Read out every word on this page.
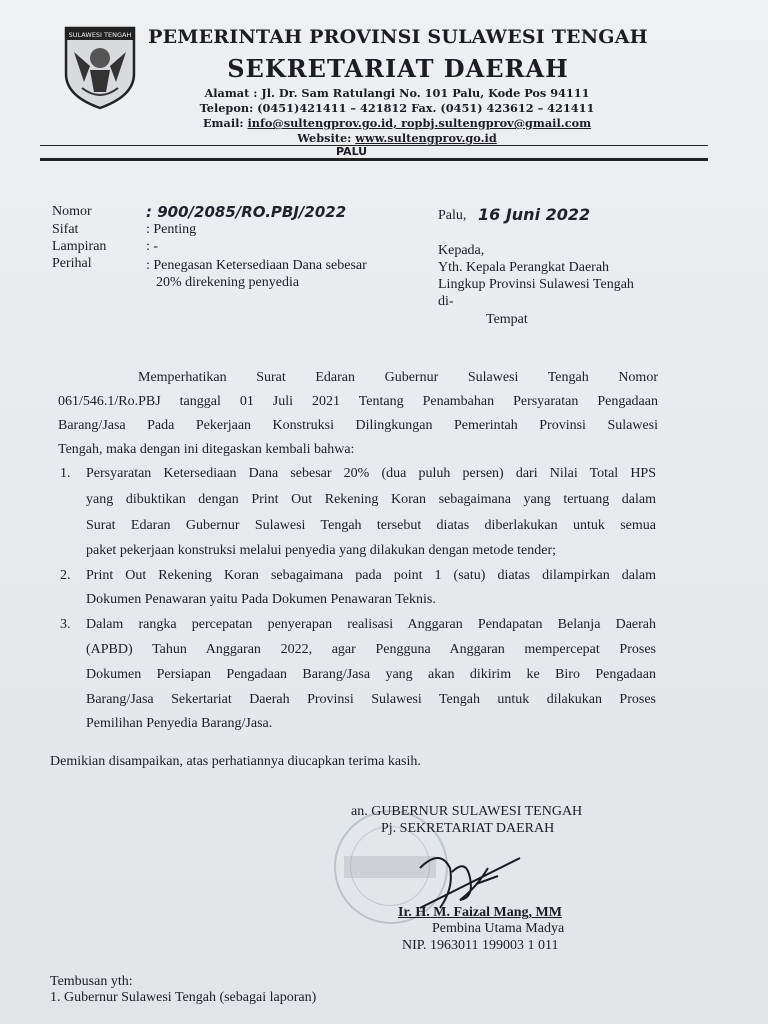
SULAWESI TENGAH PEMERINTAH PROVINSI SULAWESI TENGAH
SEKRETARIAT DAERAH
Alamat : Jl. Dr. Sam Ratulangi No. 101 Palu, Kode Pos 94111
Telepon: (0451)421411 – 421812 Fax. (0451) 423612 – 421411
Email: info@sultengprov.go.id, ropbj.sultengprov@gmail.com
Website: www.sultengprov.go.id
PALU
Nomor	: 900/2085/RO.PBJ/2022
Sifat	: Penting
Lampiran	: -
Perihal	: Penegasan Ketersediaan Dana sebesar
20% direkening penyedia
Palu, 16 Juni 2022
Kepada,
Yth. Kepala Perangkat Daerah
Lingkup Provinsi Sulawesi Tengah
di-
Tempat
Memperhatikan Surat Edaran Gubernur Sulawesi Tengah Nomor
061/546.1/Ro.PBJ tanggal 01 Juli 2021 Tentang Penambahan Persyaratan Pengadaan
Barang/Jasa Pada Pekerjaan Konstruksi Dilingkungan Pemerintah Provinsi Sulawesi
Tengah, maka dengan ini ditegaskan kembali bahwa:
1. Persyaratan Ketersediaan Dana sebesar 20% (dua puluh persen) dari Nilai Total HPS
yang dibuktikan dengan Print Out Rekening Koran sebagaimana yang tertuang dalam
Surat Edaran Gubernur Sulawesi Tengah tersebut diatas diberlakukan untuk semua
paket pekerjaan konstruksi melalui penyedia yang dilakukan dengan metode tender;
2. Print Out Rekening Koran sebagaimana pada point 1 (satu) diatas dilampirkan dalam
Dokumen Penawaran yaitu Pada Dokumen Penawaran Teknis.
3. Dalam rangka percepatan penyerapan realisasi Anggaran Pendapatan Belanja Daerah
(APBD) Tahun Anggaran 2022, agar Pengguna Anggaran mempercepat Proses
Dokumen Persiapan Pengadaan Barang/Jasa yang akan dikirim ke Biro Pengadaan
Barang/Jasa Sekertariat Daerah Provinsi Sulawesi Tengah untuk dilakukan Proses
Pemilihan Penyedia Barang/Jasa.
Demikian disampaikan, atas perhatiannya diucapkan terima kasih.
an. GUBERNUR SULAWESI TENGAH
Pj. SEKRETARIAT DAERAH
Ir. H. M. Faizal Mang, MM
Pembina Utama Madya
NIP. 1963011 199003 1 011
Tembusan yth:
1. Gubernur Sulawesi Tengah (sebagai laporan)
